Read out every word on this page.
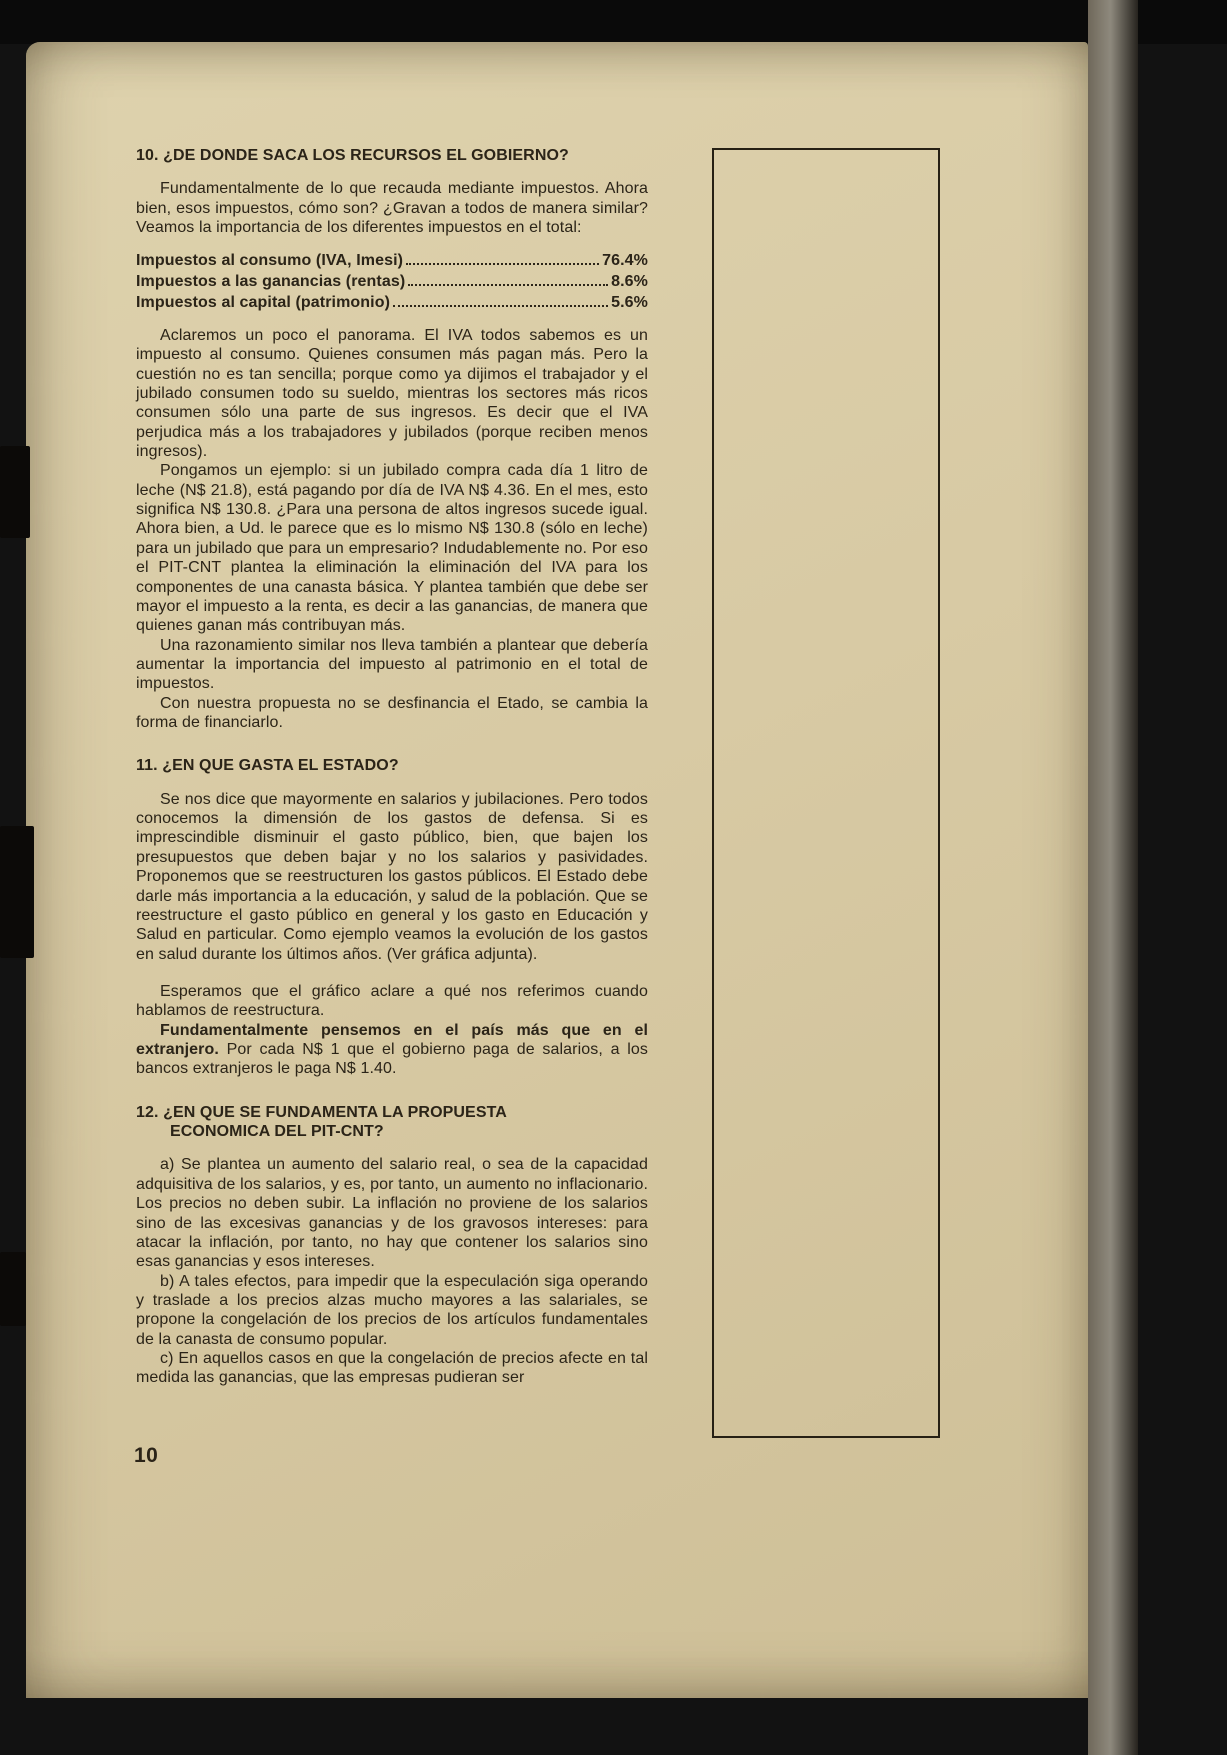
10. ¿DE DONDE SACA LOS RECURSOS EL GOBIERNO?

Fundamentalmente de lo que recauda mediante impuestos. Ahora bien, esos impuestos, cómo son? ¿Gravan a todos de manera similar? Veamos la importancia de los diferentes impuestos en el total:

Impuestos al consumo (IVA, Imesi)	76.4%
Impuestos a las ganancias (rentas)	8.6%
Impuestos al capital (patrimonio)	5.6%

Aclaremos un poco el panorama. El IVA todos sabemos es un impuesto al consumo. Quienes consumen más pagan más. Pero la cuestión no es tan sencilla; porque como ya dijimos el trabajador y el jubilado consumen todo su sueldo, mientras los sectores más ricos consumen sólo una parte de sus ingresos. Es decir que el IVA perjudica más a los trabajadores y jubilados (porque reciben menos ingresos).

Pongamos un ejemplo: si un jubilado compra cada día 1 litro de leche (N$ 21.8), está pagando por día de IVA N$ 4.36. En el mes, esto significa N$ 130.8. ¿Para una persona de altos ingresos sucede igual. Ahora bien, a Ud. le parece que es lo mismo N$ 130.8 (sólo en leche) para un jubilado que para un empresario? Indudablemente no. Por eso el PIT-CNT plantea la eliminación la eliminación del IVA para los componentes de una canasta básica. Y plantea también que debe ser mayor el impuesto a la renta, es decir a las ganancias, de manera que quienes ganan más contribuyan más.

Una razonamiento similar nos lleva también a plantear que debería aumentar la importancia del impuesto al patrimonio en el total de impuestos.

Con nuestra propuesta no se desfinancia el Etado, se cambia la forma de financiarlo.

11. ¿EN QUE GASTA EL ESTADO?

Se nos dice que mayormente en salarios y jubilaciones. Pero todos conocemos la dimensión de los gastos de defensa. Si es imprescindible disminuir el gasto público, bien, que bajen los presupuestos que deben bajar y no los salarios y pasividades. Proponemos que se reestructuren los gastos públicos. El Estado debe darle más importancia a la educación, y salud de la población. Que se reestructure el gasto público en general y los gasto en Educación y Salud en particular. Como ejemplo veamos la evolución de los gastos en salud durante los últimos años. (Ver gráfica adjunta).

Esperamos que el gráfico aclare a qué nos referimos cuando hablamos de reestructura.

Fundamentalmente pensemos en el país más que en el extranjero. Por cada N$ 1 que el gobierno paga de salarios, a los bancos extranjeros le paga N$ 1.40.

12. ¿EN QUE SE FUNDAMENTA LA PROPUESTA
ECONOMICA DEL PIT-CNT?

a) Se plantea un aumento del salario real, o sea de la capacidad adquisitiva de los salarios, y es, por tanto, un aumento no inflacionario. Los precios no deben subir. La inflación no proviene de los salarios sino de las excesivas ganancias y de los gravosos intereses: para atacar la inflación, por tanto, no hay que contener los salarios sino esas ganancias y esos intereses.

b) A tales efectos, para impedir que la especulación siga operando y traslade a los precios alzas mucho mayores a las salariales, se propone la congelación de los precios de los artículos fundamentales de la canasta de consumo popular.

c) En aquellos casos en que la congelación de precios afecte en tal medida las ganancias, que las empresas pudieran ser

10
